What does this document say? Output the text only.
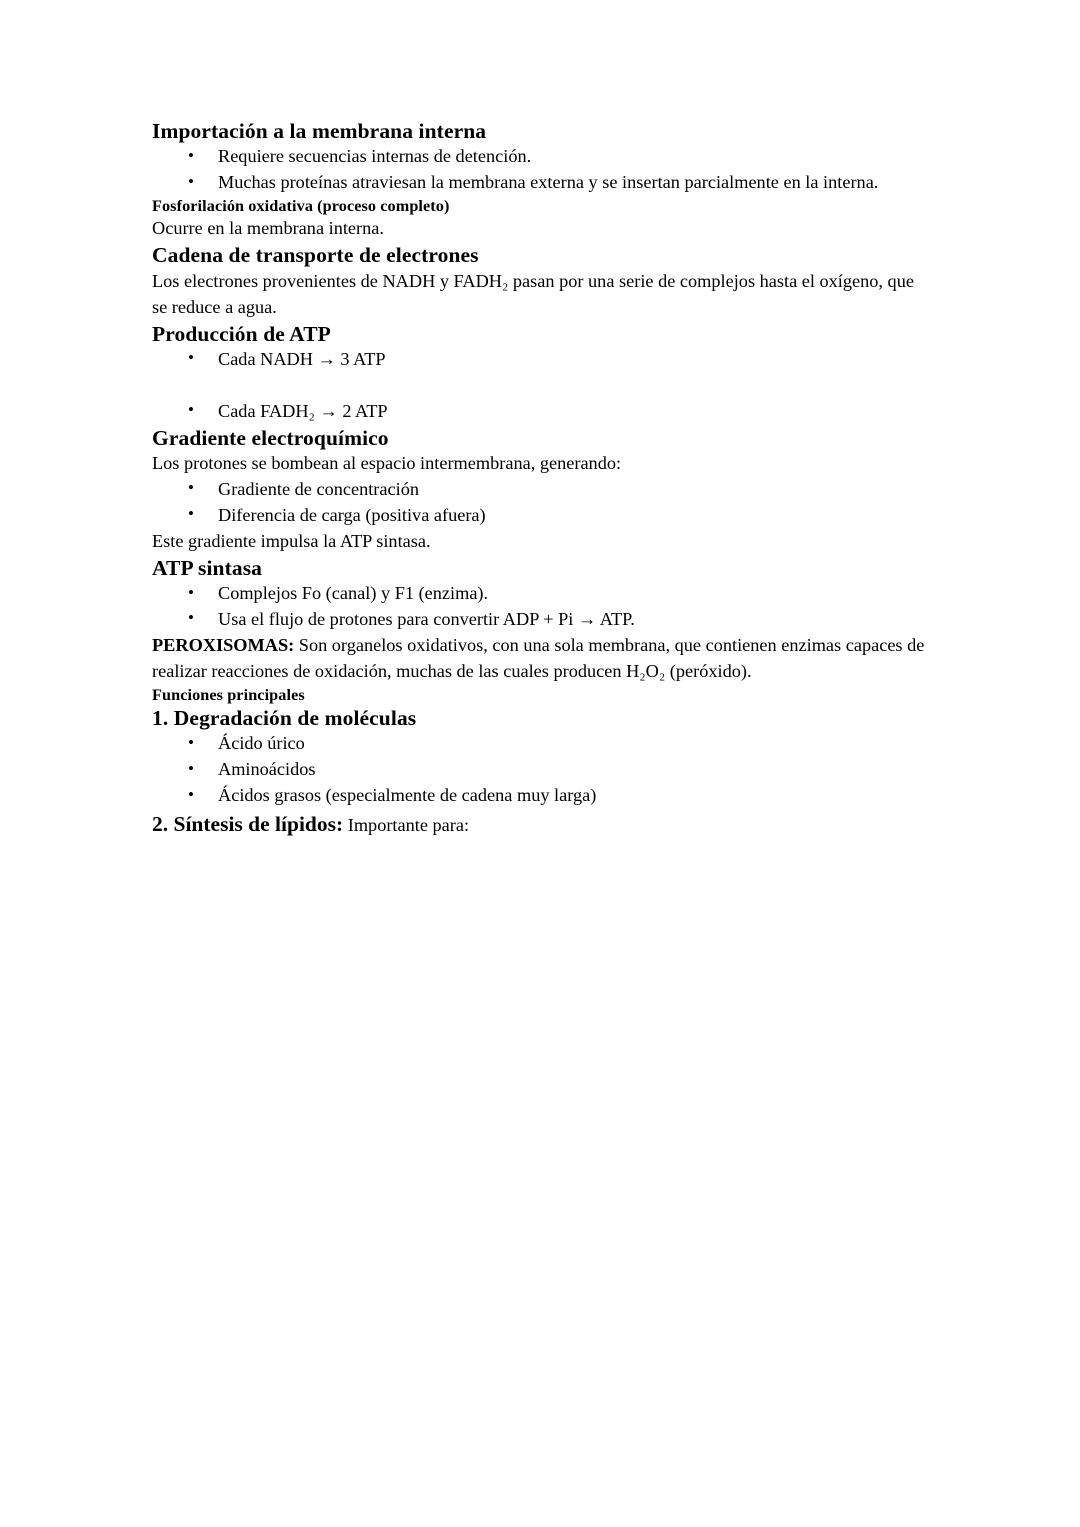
Importación a la membrana interna
• Requiere secuencias internas de detención.
• Muchas proteínas atraviesan la membrana externa y se insertan parcialmente en la interna.
Fosforilación oxidativa (proceso completo)

Ocurre en la membrana interna.

Cadena de transporte de electrones

Los electrones provenientes de NADH y FADH₂ pasan por una serie de complejos hasta el oxígeno, que se reduce a agua.

Producción de ATP
• Cada NADH → 3 ATP
• Cada FADH₂ → 2 ATP
Gradiente electroquímico

Los protones se bombean al espacio intermembrana, generando:

• Gradiente de concentración
• Diferencia de carga (positiva afuera)

Este gradiente impulsa la ATP sintasa.

ATP sintasa
• Complejos Fo (canal) y F1 (enzima).
• Usa el flujo de protones para convertir ADP + Pi → ATP.

PEROXISOMAS: Son organelos oxidativos, con una sola membrana, que contienen enzimas capaces de realizar reacciones de oxidación, muchas de las cuales producen H₂O₂ (peróxido).

Funciones principales
1. Degradación de moléculas
• Ácido úrico
• Aminoácidos
• Ácidos grasos (especialmente de cadena muy larga)

2. Síntesis de lípidos: Importante para:
